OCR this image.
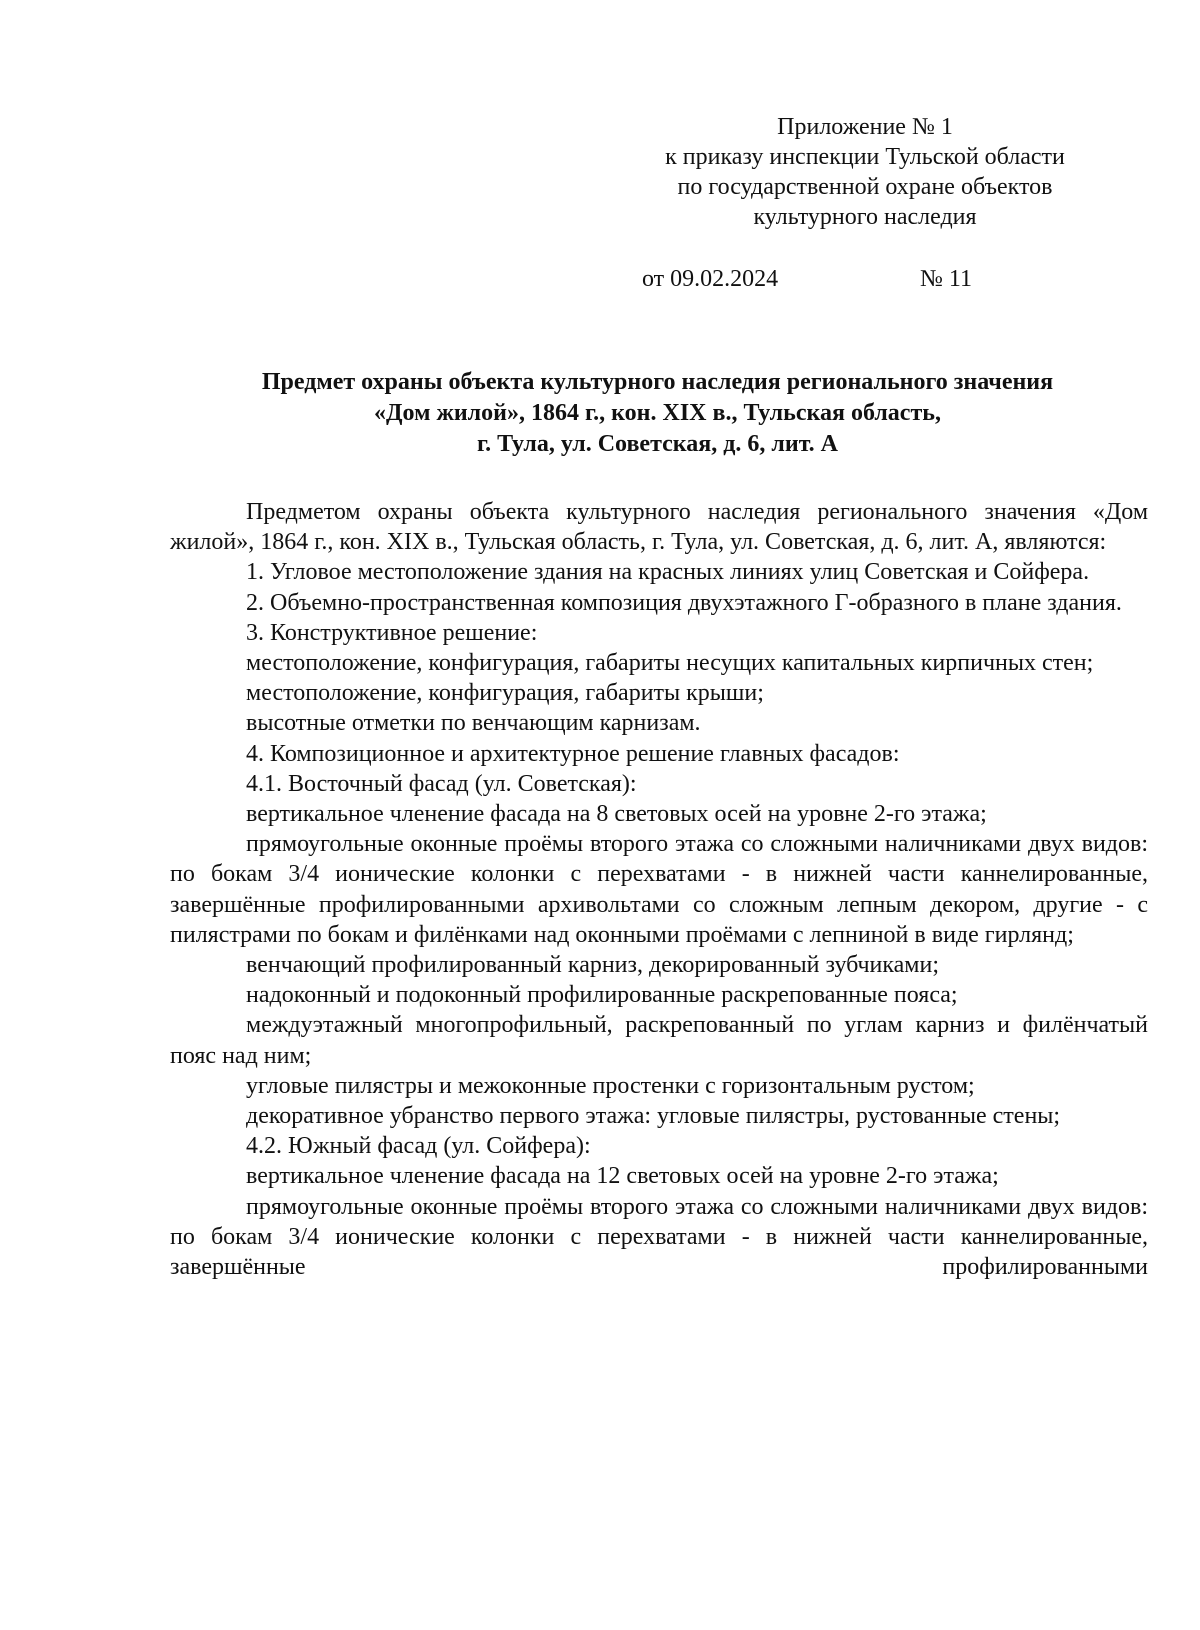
Приложение № 1
к приказу инспекции Тульской области
по государственной охране объектов
культурного наследия
от 09.02.2024	№ 11
Предмет охраны объекта культурного наследия регионального значения
«Дом жилой», 1864 г., кон. XIX в., Тульская область,
г. Тула, ул. Советская, д. 6, лит. А

Предметом охраны объекта культурного наследия регионального значения «Дом жилой», 1864 г., кон. XIX в., Тульская область, г. Тула, ул. Советская, д. 6, лит. А, являются:

1. Угловое местоположение здания на красных линиях улиц Советская и Сойфера.

2. Объемно-пространственная композиция двухэтажного Г-образного в плане здания.

3. Конструктивное решение:

местоположение, конфигурация, габариты несущих капитальных кирпичных стен;

местоположение, конфигурация, габариты крыши;

высотные отметки по венчающим карнизам.

4. Композиционное и архитектурное решение главных фасадов:

4.1. Восточный фасад (ул. Советская):

вертикальное членение фасада на 8 световых осей на уровне 2-го этажа;

прямоугольные оконные проёмы второго этажа со сложными наличниками двух видов: по бокам 3/4 ионические колонки с перехватами - в нижней части каннелированные, завершённые профилированными архивольтами со сложным лепным декором, другие - с пилястрами по бокам и филёнками над оконными проёмами с лепниной в виде гирлянд;

венчающий профилированный карниз, декорированный зубчиками;

надоконный и подоконный профилированные раскрепованные пояса;

междуэтажный многопрофильный, раскрепованный по углам карниз и филёнчатый пояс над ним;

угловые пилястры и межоконные простенки с горизонтальным рустом;

декоративное убранство первого этажа: угловые пилястры, рустованные стены;

4.2. Южный фасад (ул. Сойфера):

вертикальное членение фасада на 12 световых осей на уровне 2-го этажа;

прямоугольные оконные проёмы второго этажа со сложными наличниками двух видов: по бокам 3/4 ионические колонки с перехватами - в нижней части каннелированные, завершённые профилированными
